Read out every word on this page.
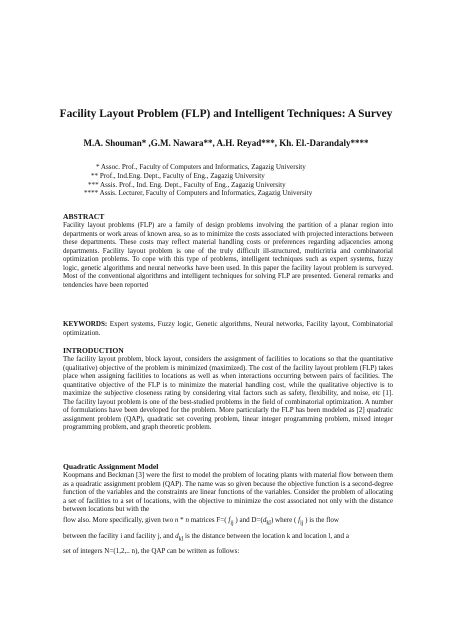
Facility Layout Problem (FLP) and Intelligent Techniques: A Survey
M.A. Shouman* ,G.M. Nawara**, A.H. Reyad***, Kh. El.-Darandaly****
* Assoc. Prof., Faculty of Computers and Informatics, Zagazig University
** Prof., Ind.Eng. Dept., Faculty of Eng., Zagazig University
*** Assis. Prof., Ind. Eng. Dept., Faculty of Eng., Zagazig University
**** Assis. Lecturer, Faculty of Computers and Informatics, Zagazig University
ABSTRACT

Facility layout problems (FLP) are a family of design problems involving the partition of a planar region into departments or work areas of known area, so as to minimize the costs associated with projected interactions between these departments. These costs may reflect material handling costs or preferences regarding adjacencies among departments. Facility layout problem is one of the truly difficult ill-structured, multicritria and combinatorial optimization problems. To cope with this type of problems, intelligent techniques such as expert systems, fuzzy logic, genetic algorithms and neural networks have been used. In this paper the facility layout problem is surveyed. Most of the conventional algorithms and intelligent techniques for solving FLP are presented. General remarks and tendencies have been reported

KEYWORDS: Expert systems, Fuzzy logic, Genetic algorithms, Neural networks, Facility layout, Combinatorial optimization.

INTRODUCTION

The facility layout problem, block layout, considers the assignment of facilities to locations so that the quantitative (qualitative) objective of the problem is minimized (maximized). The cost of the facility layout problem (FLP) takes place when assigning facilities to locations as well as when interactions occurring between pairs of facilities. The quantitative objective of the FLP is to minimize the material handling cost, while the qualitative objective is to maximize the subjective closeness rating by considering vital factors such as safety, flexibility, and noise, etc [1]. The facility layout problem is one of the best-studied problems in the field of combinatorial optimization. A number of formulations have been developed for the problem. More particularly the FLP has been modeled as [2] quadratic assignment problem (QAP), quadratic set covering problem, linear integer programming problem, mixed integer programming problem, and graph theoretic problem.

Quadratic Assignment Model

Koopmans and Beckman [3] were the first to model the problem of locating plants with material flow between them as a quadratic assignment problem (QAP). The name was so given because the objective function is a second-degree function of the variables and the constraints are linear functions of the variables. Consider the problem of allocating a set of facilities to a set of locations, with the objective to minimize the cost associated not only with the distance between locations but with the

flow also. More specifically, given two n * n matrices F=( $f_{ij}$ ) and $D=(d_{kl})$ where ( $f_{ij}$ ) is the flow

between the facility i and facility j, and $d_{kl}$ is the distance between the location k and location l, and a

set of integers N=(1,2,.. n), the QAP can be written as follows:
